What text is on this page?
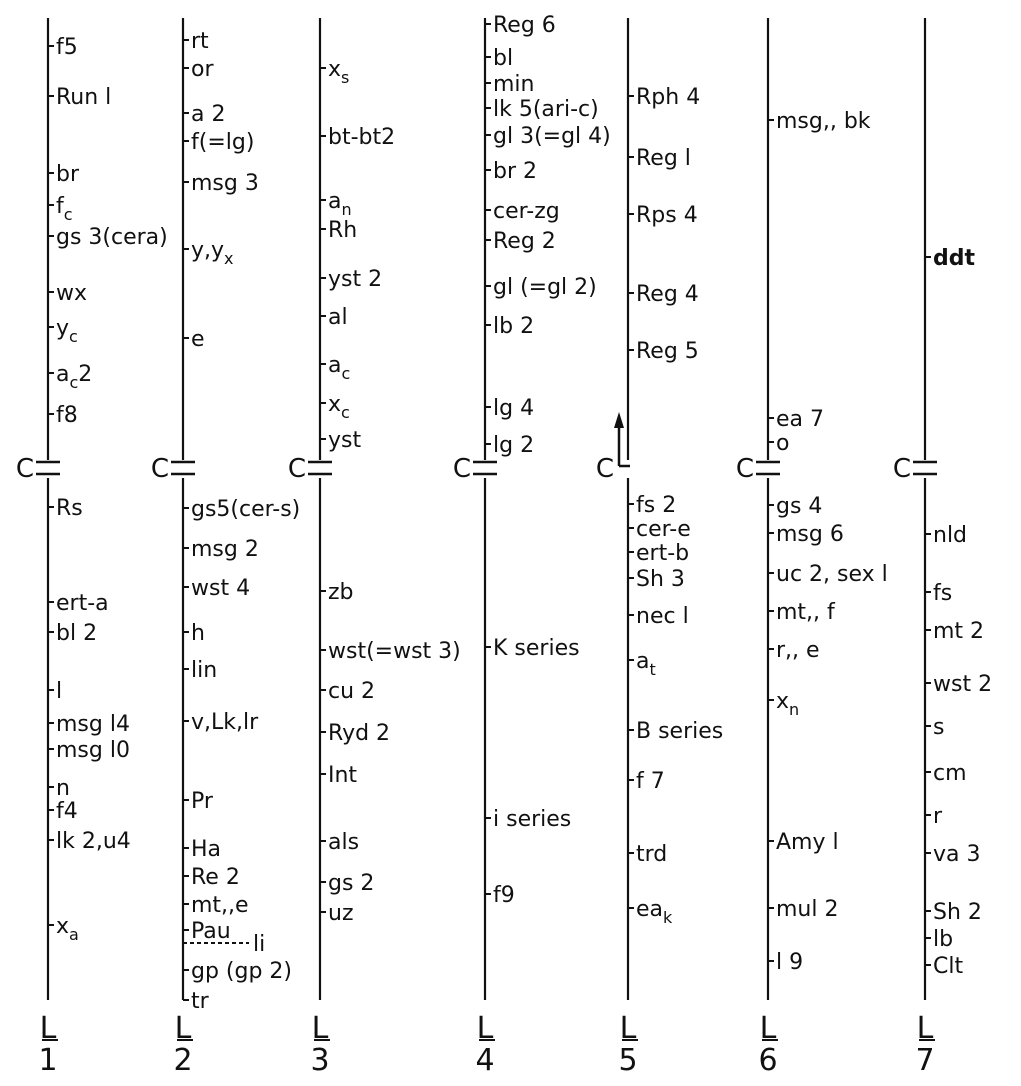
C
f5
Run l
br
$f_c$
gs 3(cera)
wx
$y_c$
$a_c2$
f8
Rs
ert-a
bl 2
l
msg l4
msg l0
n
f4
lk 2,u4
$x_a$
L
1
C
rt
or
a 2
f(=lg)
msg 3
$y,y_x$
e
gs5(cer-s)
msg 2
wst 4
h
lin
v,Lk,lr
Pr
Ha
Re 2
mt,,e
Pau
li
gp (gp 2)
tr
L
2
C
$x_s$
bt-bt2
$a_n$
Rh
yst 2
al
$a_c$
$x_c$
yst
zb
wst(=wst 3)
cu 2
Ryd 2
Int
als
gs 2
uz
L
3
C
Reg 6
bl
min
lk 5(ari-c)
gl 3(=gl 4)
br 2
cer-zg
Reg 2
gl (=gl 2)
lb 2
lg 4
lg 2
K series
i series
f9
L
4
C
Rph 4
Reg l
Rps 4
Reg 4
Reg 5
fs 2
cer-e
ert-b
Sh 3
nec l
$a_t$
B series
f 7
trd
$ea_k$
L
5
C
msg,, bk
ea 7
o
gs 4
msg 6
uc 2, sex l
mt,, f
r,, e
$x_n$
Amy l
mul 2
l 9
L
6
C
ddt
nld
fs
mt 2
wst 2
s
cm
r
va 3
Sh 2
lb
Clt
L
7
